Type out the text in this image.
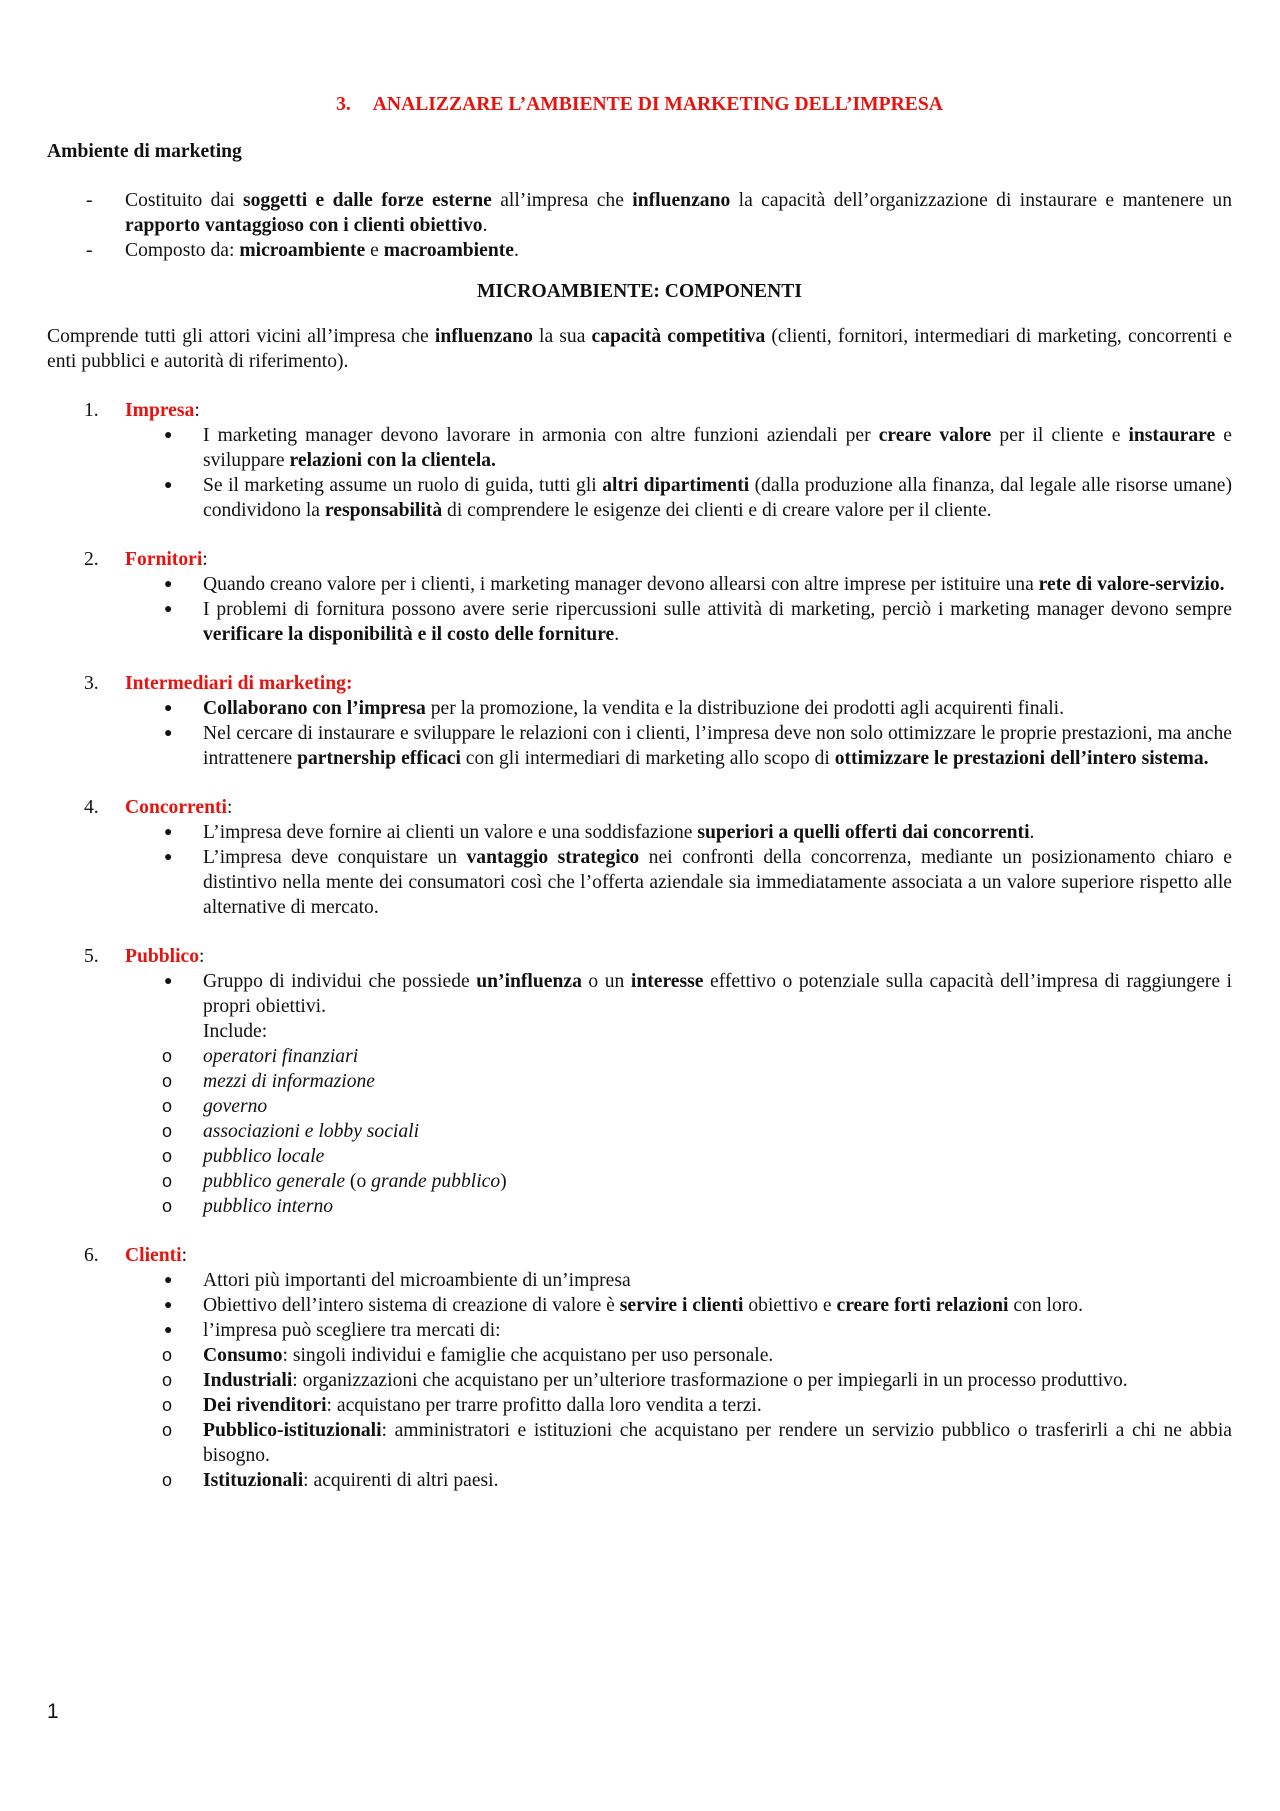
3. ANALIZZARE L’AMBIENTE DI MARKETING DELL’IMPRESA
Ambiente di marketing
- Costituito dai soggetti e dalle forze esterne all’impresa che influenzano la capacità dell’organizzazione di instaurare e mantenere un rapporto vantaggioso con i clienti obiettivo.
- Composto da: microambiente e macroambiente.
MICROAMBIENTE: COMPONENTI
Comprende tutti gli attori vicini all’impresa che influenzano la sua capacità competitiva (clienti, fornitori, intermediari di marketing, concorrenti e enti pubblici e autorità di riferimento).
1. Impresa:
● I marketing manager devono lavorare in armonia con altre funzioni aziendali per creare valore per il cliente e instaurare e sviluppare relazioni con la clientela.
● Se il marketing assume un ruolo di guida, tutti gli altri dipartimenti (dalla produzione alla finanza, dal legale alle risorse umane) condividono la responsabilità di comprendere le esigenze dei clienti e di creare valore per il cliente.
2. Fornitori:
● Quando creano valore per i clienti, i marketing manager devono allearsi con altre imprese per istituire una rete di valore-servizio.
● I problemi di fornitura possono avere serie ripercussioni sulle attività di marketing, perciò i marketing manager devono sempre verificare la disponibilità e il costo delle forniture.
3. Intermediari di marketing:
● Collaborano con l’impresa per la promozione, la vendita e la distribuzione dei prodotti agli acquirenti finali.
● Nel cercare di instaurare e sviluppare le relazioni con i clienti, l’impresa deve non solo ottimizzare le proprie prestazioni, ma anche intrattenere partnership efficaci con gli intermediari di marketing allo scopo di ottimizzare le prestazioni dell’intero sistema.
4. Concorrenti:
● L’impresa deve fornire ai clienti un valore e una soddisfazione superiori a quelli offerti dai concorrenti.
● L’impresa deve conquistare un vantaggio strategico nei confronti della concorrenza, mediante un posizionamento chiaro e distintivo nella mente dei consumatori così che l’offerta aziendale sia immediatamente associata a un valore superiore rispetto alle alternative di mercato.
5. Pubblico:
● Gruppo di individui che possiede un’influenza o un interesse effettivo o potenziale sulla capacità dell’impresa di raggiungere i propri obiettivi.
Include:
o operatori finanziari
o mezzi di informazione
o governo
o associazioni e lobby sociali
o pubblico locale
o pubblico generale (o grande pubblico)
o pubblico interno
6. Clienti:
● Attori più importanti del microambiente di un’impresa
● Obiettivo dell’intero sistema di creazione di valore è servire i clienti obiettivo e creare forti relazioni con loro.
● l’impresa può scegliere tra mercati di:
o Consumo: singoli individui e famiglie che acquistano per uso personale.
o Industriali: organizzazioni che acquistano per un’ulteriore trasformazione o per impiegarli in un processo produttivo.
o Dei rivenditori: acquistano per trarre profitto dalla loro vendita a terzi.
o Pubblico-istituzionali: amministratori e istituzioni che acquistano per rendere un servizio pubblico o trasferirli a chi ne abbia bisogno.
o Istituzionali: acquirenti di altri paesi.
1
